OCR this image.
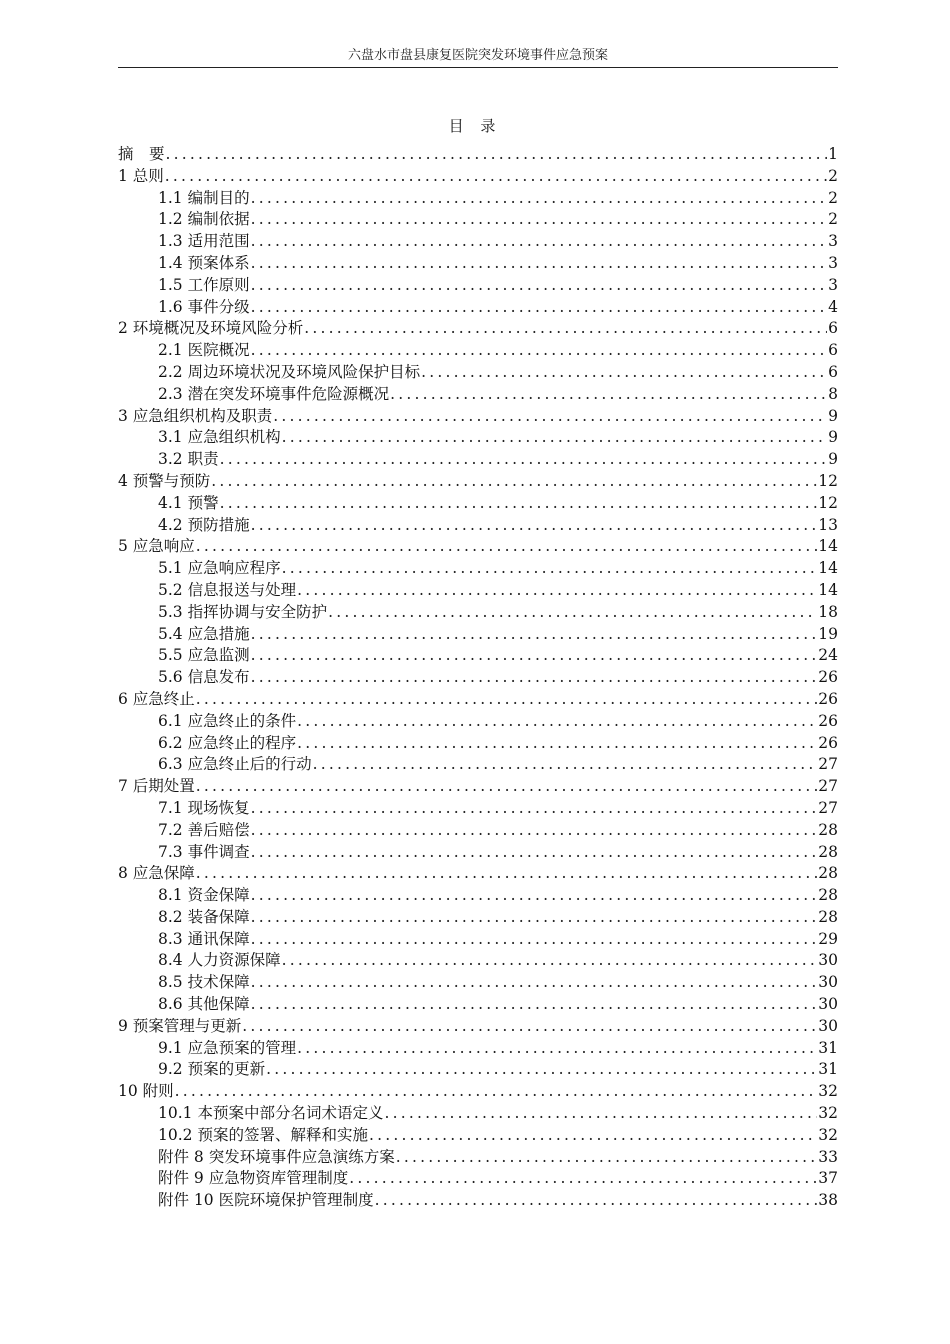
六盘水市盘县康复医院突发环境事件应急预案
目 录
摘　要 .....	1
1 总则 .....	2
1.1 编制目的 .....	2
1.2 编制依据 .....	2
1.3 适用范围 .....	3
1.4 预案体系 .....	3
1.5 工作原则 .....	3
1.6 事件分级 .....	4
2 环境概况及环境风险分析 .....	6
2.1 医院概况 .....	6
2.2 周边环境状况及环境风险保护目标 .....	6
2.3 潜在突发环境事件危险源概况 .....	8
3 应急组织机构及职责 .....	9
3.1 应急组织机构 .....	9
3.2 职责 .....	9
4 预警与预防 .....	12
4.1 预警 .....	12
4.2 预防措施 .....	13
5 应急响应 .....	14
5.1 应急响应程序 .....	14
5.2 信息报送与处理 .....	14
5.3 指挥协调与安全防护 .....	18
5.4 应急措施 .....	19
5.5 应急监测 .....	24
5.6 信息发布 .....	26
6 应急终止 .....	26
6.1 应急终止的条件 .....	26
6.2 应急终止的程序 .....	26
6.3 应急终止后的行动 .....	27
7 后期处置 .....	27
7.1 现场恢复 .....	27
7.2 善后赔偿 .....	28
7.3 事件调查 .....	28
8 应急保障 .....	28
8.1 资金保障 .....	28
8.2 装备保障 .....	28
8.3 通讯保障 .....	29
8.4 人力资源保障 .....	30
8.5 技术保障 .....	30
8.6 其他保障 .....	30
9 预案管理与更新 .....	30
9.1 应急预案的管理 .....	31
9.2 预案的更新 .....	31
10 附则 .....	32
10.1 本预案中部分名词术语定义 .....	32
10.2 预案的签署、解释和实施 .....	32
附件 8 突发环境事件应急演练方案 .....	33
附件 9 应急物资库管理制度 .....	37
附件 10 医院环境保护管理制度 .....	38
